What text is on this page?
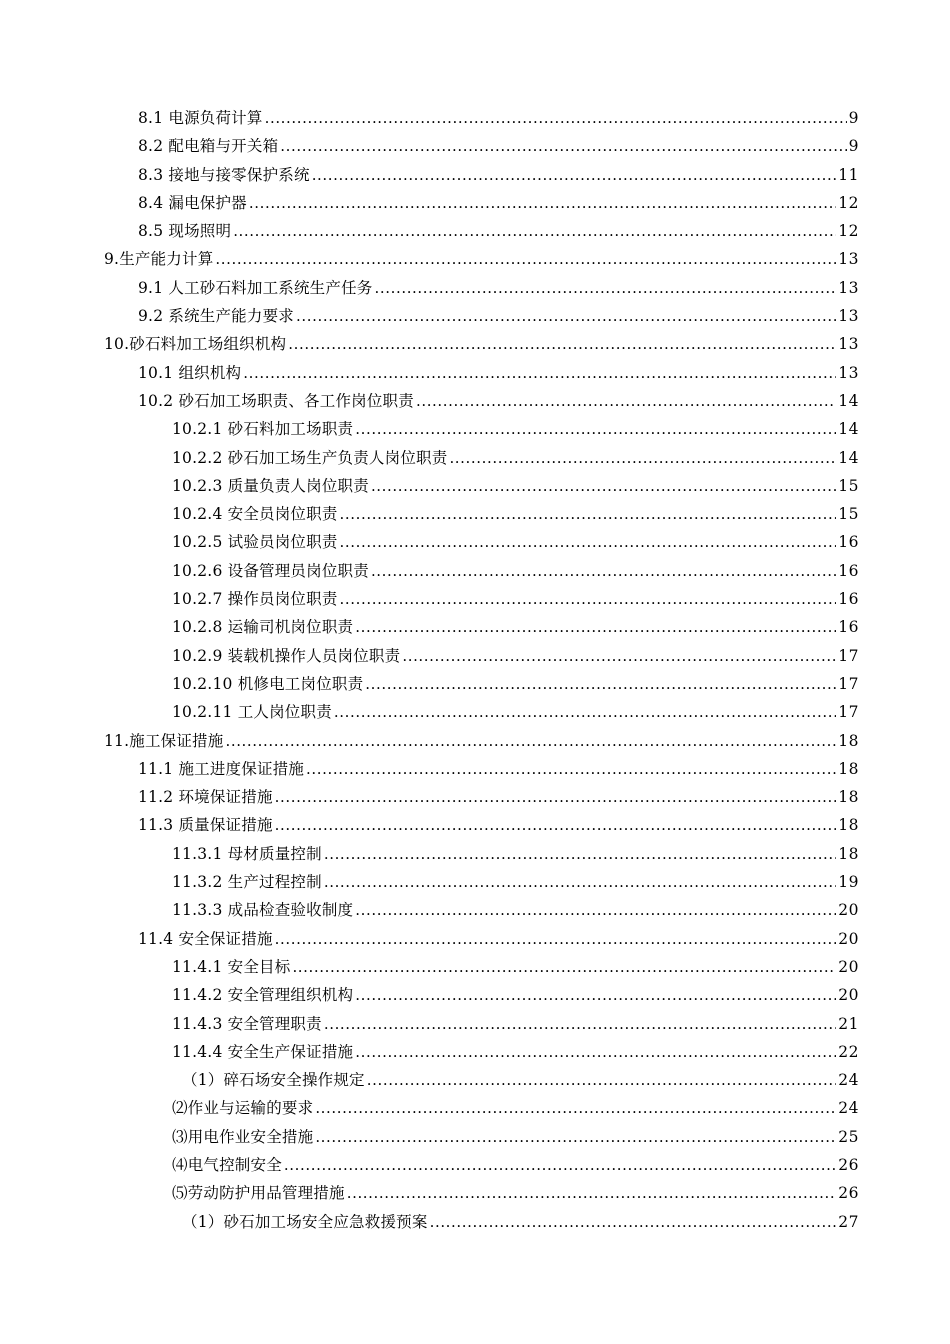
8.1 电源负荷计算 .....	9
8.2 配电箱与开关箱 .....	9
8.3 接地与接零保护系统 .....	11
8.4 漏电保护器 .....	12
8.5 现场照明 .....	12
9.生产能力计算 .....	13
9.1 人工砂石料加工系统生产任务 .....	13
9.2 系统生产能力要求 .....	13
10.砂石料加工场组织机构 .....	13
10.1 组织机构 .....	13
10.2 砂石加工场职责、各工作岗位职责 .....	14
10.2.1 砂石料加工场职责 .....	14
10.2.2 砂石加工场生产负责人岗位职责 .....	14
10.2.3 质量负责人岗位职责 .....	15
10.2.4 安全员岗位职责 .....	15
10.2.5 试验员岗位职责 .....	16
10.2.6 设备管理员岗位职责 .....	16
10.2.7 操作员岗位职责 .....	16
10.2.8 运输司机岗位职责 .....	16
10.2.9 装载机操作人员岗位职责 .....	17
10.2.10 机修电工岗位职责 .....	17
10.2.11 工人岗位职责 .....	17
11.施工保证措施 .....	18
11.1 施工进度保证措施 .....	18
11.2 环境保证措施 .....	18
11.3 质量保证措施 .....	18
11.3.1 母材质量控制 .....	18
11.3.2 生产过程控制 .....	19
11.3.3 成品检查验收制度 .....	20
11.4 安全保证措施 .....	20
11.4.1 安全目标 .....	20
11.4.2 安全管理组织机构 .....	20
11.4.3 安全管理职责 .....	21
11.4.4 安全生产保证措施 .....	22
（1）碎石场安全操作规定 .....	24
⑵作业与运输的要求 .....	24
⑶用电作业安全措施 .....	25
⑷电气控制安全 .....	26
⑸劳动防护用品管理措施 .....	26
（1）砂石加工场安全应急救援预案 .....	27
